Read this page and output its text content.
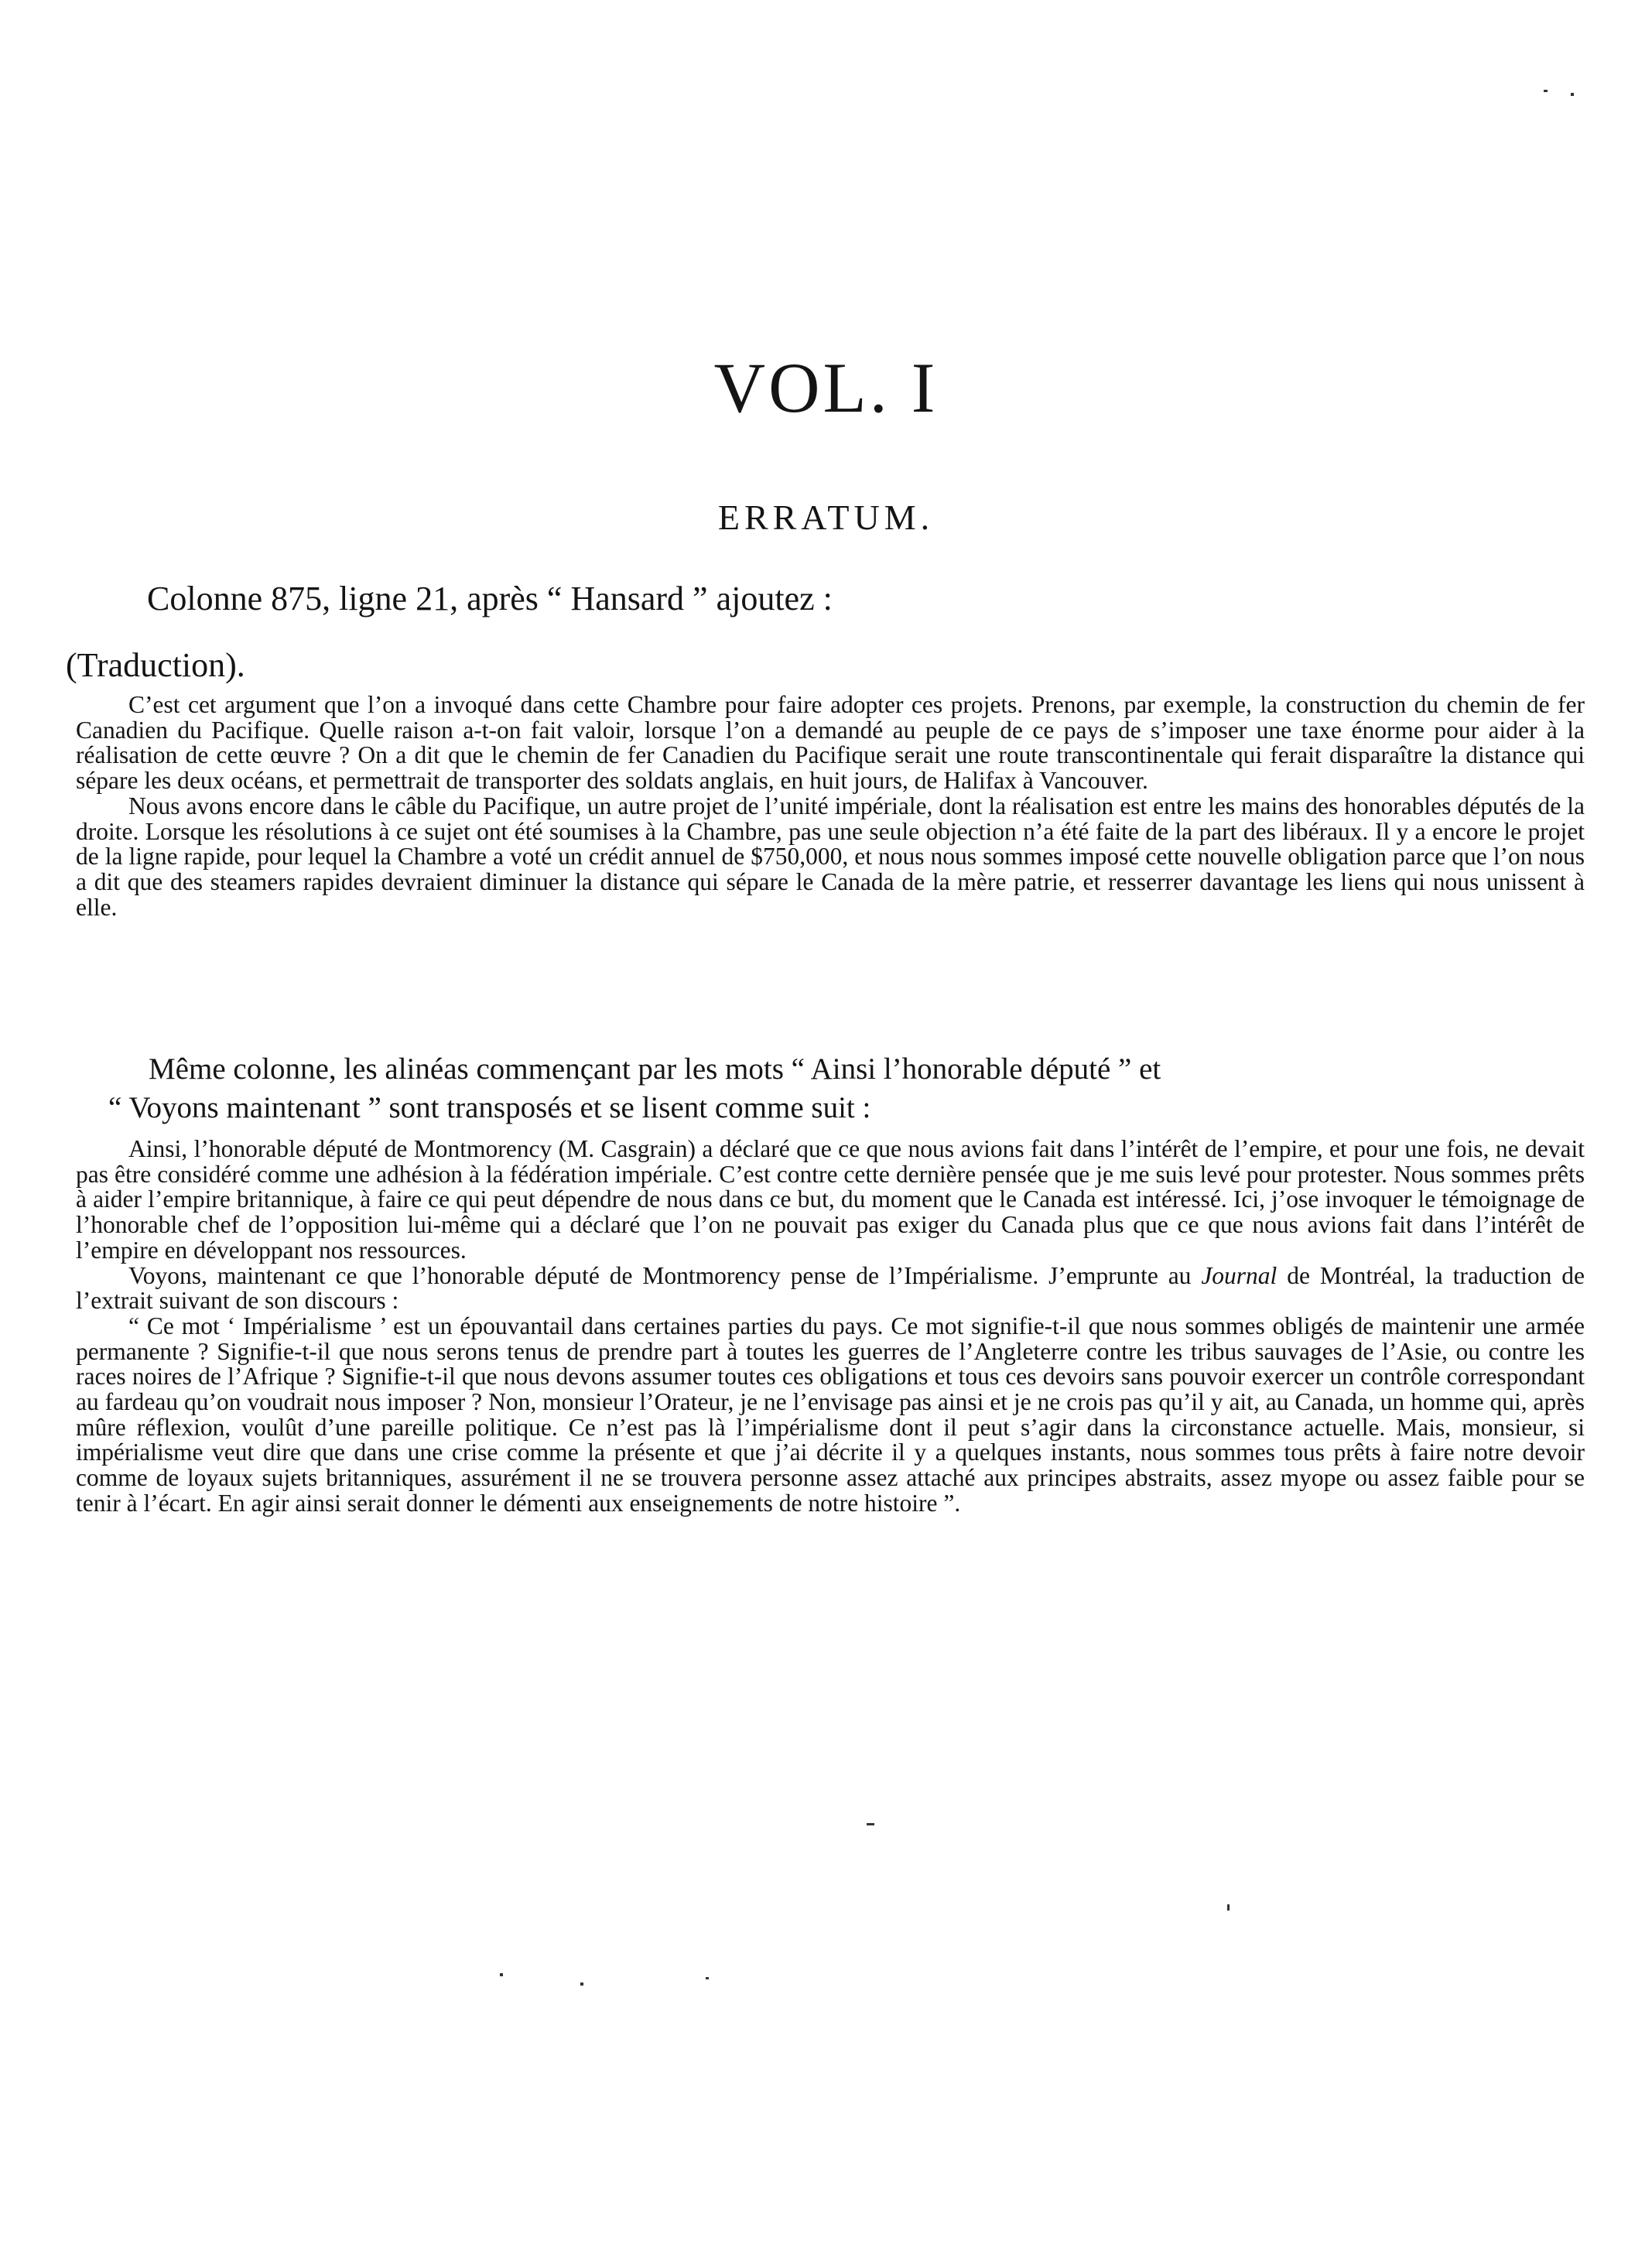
VOL. I
ERRATUM.

Colonne 875, ligne 21, après “ Hansard ” ajoutez :

(Traduction).

C’est cet argument que l’on a invoqué dans cette Chambre pour faire adopter ces projets. Prenons, par exemple, la construction du chemin de fer Canadien du Pacifique. Quelle raison a-t-on fait valoir, lorsque l’on a demandé au peuple de ce pays de s’imposer une taxe énorme pour aider à la réalisation de cette œuvre ? On a dit que le chemin de fer Canadien du Pacifique serait une route transcontinentale qui ferait disparaître la distance qui sépare les deux océans, et permettrait de transporter des soldats anglais, en huit jours, de Halifax à Vancouver.

Nous avons encore dans le câble du Pacifique, un autre projet de l’unité impériale, dont la réalisation est entre les mains des honorables députés de la droite. Lorsque les résolutions à ce sujet ont été soumises à la Chambre, pas une seule objection n’a été faite de la part des libéraux. Il y a encore le projet de la ligne rapide, pour lequel la Chambre a voté un crédit annuel de $750,000, et nous nous sommes imposé cette nouvelle obligation parce que l’on nous a dit que des steamers rapides devraient diminuer la distance qui sépare le Canada de la mère patrie, et resserrer davantage les liens qui nous unissent à elle.

Même colonne, les alinéas commençant par les mots “ Ainsi l’honorable député ” et
“ Voyons maintenant ” sont transposés et se lisent comme suit :

Ainsi, l’honorable député de Montmorency (M. Casgrain) a déclaré que ce que nous avions fait dans l’intérêt de l’empire, et pour une fois, ne devait pas être considéré comme une adhésion à la fédération impériale. C’est contre cette dernière pensée que je me suis levé pour protester. Nous sommes prêts à aider l’empire britannique, à faire ce qui peut dépendre de nous dans ce but, du moment que le Canada est intéressé. Ici, j’ose invoquer le témoignage de l’honorable chef de l’opposition lui-même qui a déclaré que l’on ne pouvait pas exiger du Canada plus que ce que nous avions fait dans l’intérêt de l’empire en développant nos ressources.

Voyons, maintenant ce que l’honorable député de Montmorency pense de l’Impérialisme. J’emprunte au Journal de Montréal, la traduction de l’extrait suivant de son discours :

“ Ce mot ‘ Impérialisme ’ est un épouvantail dans certaines parties du pays. Ce mot signifie-t-il que nous sommes obligés de maintenir une armée permanente ? Signifie-t-il que nous serons tenus de prendre part à toutes les guerres de l’Angleterre contre les tribus sauvages de l’Asie, ou contre les races noires de l’Afrique ? Signifie-t-il que nous devons assumer toutes ces obligations et tous ces devoirs sans pouvoir exercer un contrôle correspondant au fardeau qu’on voudrait nous imposer ? Non, monsieur l’Orateur, je ne l’envisage pas ainsi et je ne crois pas qu’il y ait, au Canada, un homme qui, après mûre réflexion, voulût d’une pareille politique. Ce n’est pas là l’impérialisme dont il peut s’agir dans la circonstance actuelle. Mais, monsieur, si impérialisme veut dire que dans une crise comme la présente et que j’ai décrite il y a quelques instants, nous sommes tous prêts à faire notre devoir comme de loyaux sujets britanniques, assurément il ne se trouvera personne assez attaché aux principes abstraits, assez myope ou assez faible pour se tenir à l’écart. En agir ainsi serait donner le démenti aux enseignements de notre histoire ”.
